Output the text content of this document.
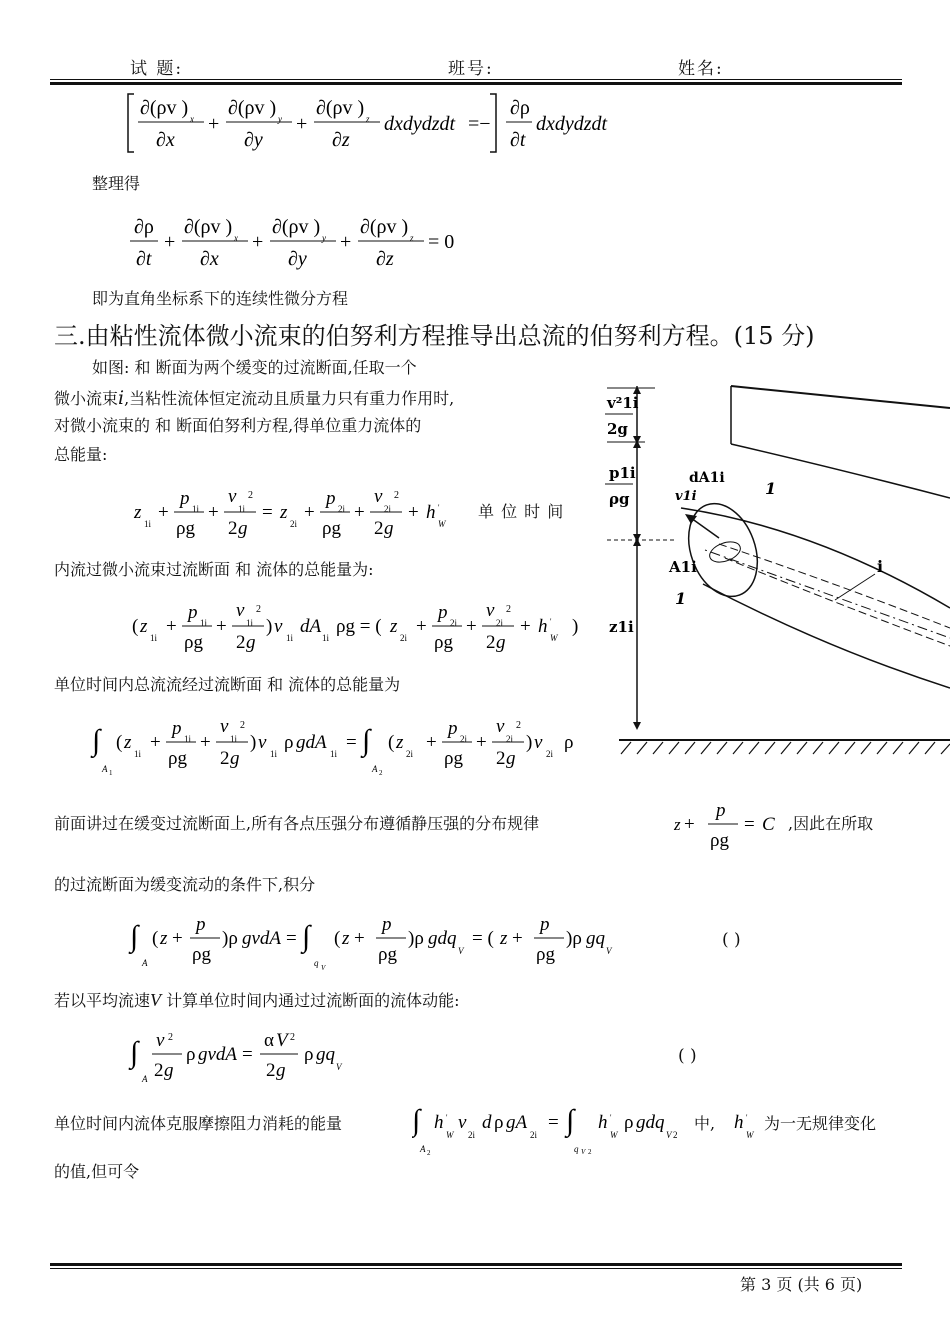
试 题:	班号:	姓名:
∂(ρv ) x
∂x
+
∂(ρv ) y
∂y
+
∂(ρv ) z
∂z
dxdydzdt =−
∂ρ
∂t
dxdydzdt
整理得
∂ρ
∂t
+
∂(ρv ) x
∂x
+
∂(ρv ) y
∂y
+
∂(ρv ) z
∂z
= 0
即为直角坐标系下的连续性微分方程
三.由粘性流体微小流束的伯努利方程推导出总流的伯努利方程。(15 分)
如图: 和 断面为两个缓变的过流断面,任取一个
微小流束i,当粘性流体恒定流动且质量力只有重力作用时,
对微小流束的 和 断面伯努利方程,得单位重力流体的
总能量:
z
1i
+
p 1i
ρg
+
v 2
1i
2 g
= z
2i
+
p 2i
ρg
+
v 2
2i
2 g
+ h '
W
单 位 时 间
内流过微小流束过流断面 和 流体的总能量为:
( z
1i
+
p 1i
ρg
+
v 2
1i
2 g
) v
1i
dA
1i
ρg = ( z
2i
+
p 2i
ρg
+
v 2
2i
2 g
+ h '
W
)
单位时间内总流流经过流断面 和 流体的总能量为
∫
A 1
( z
1i
+
p 1i
ρg
+
v 2
1i
2 g
) v
1i
ρ gdA
1i
= ∫
A 2
( z
2i
+
p 2i
ρg
+
v 2
2i
2 g
) v
2i
ρ
v²1i
2g
p1i
ρg
dA1i
v1i	1
i
A1i
1
z1i
前面讲过在缓变过流断面上,所有各点压强分布遵循静压强的分布规律	z +
p
ρg
= C ,因此在所取
的过流断面为缓变流动的条件下,积分
∫
A
( z +
p
ρg
)ρ gvdA = ∫
q V
( z +
p
ρg
)ρ gdq
V
= ( z +
p
ρg
)ρ gq
V
( )
若以平均流速V 计算单位时间内通过过流断面的流体动能:
∫
A
v 2
2 g
ρ gvdA =
α V 2
2 g
ρ gq
V
( )
单位时间内流体克服摩擦阻力消耗的能量 ∫
A 2
h '
W
v
2i
d ρ gA
2i
= ∫
q V 2
h '
W
ρ gdq
V 2
中, h '
W
为一无规律变化
的值,但可令
第 3 页 (共 6 页)
